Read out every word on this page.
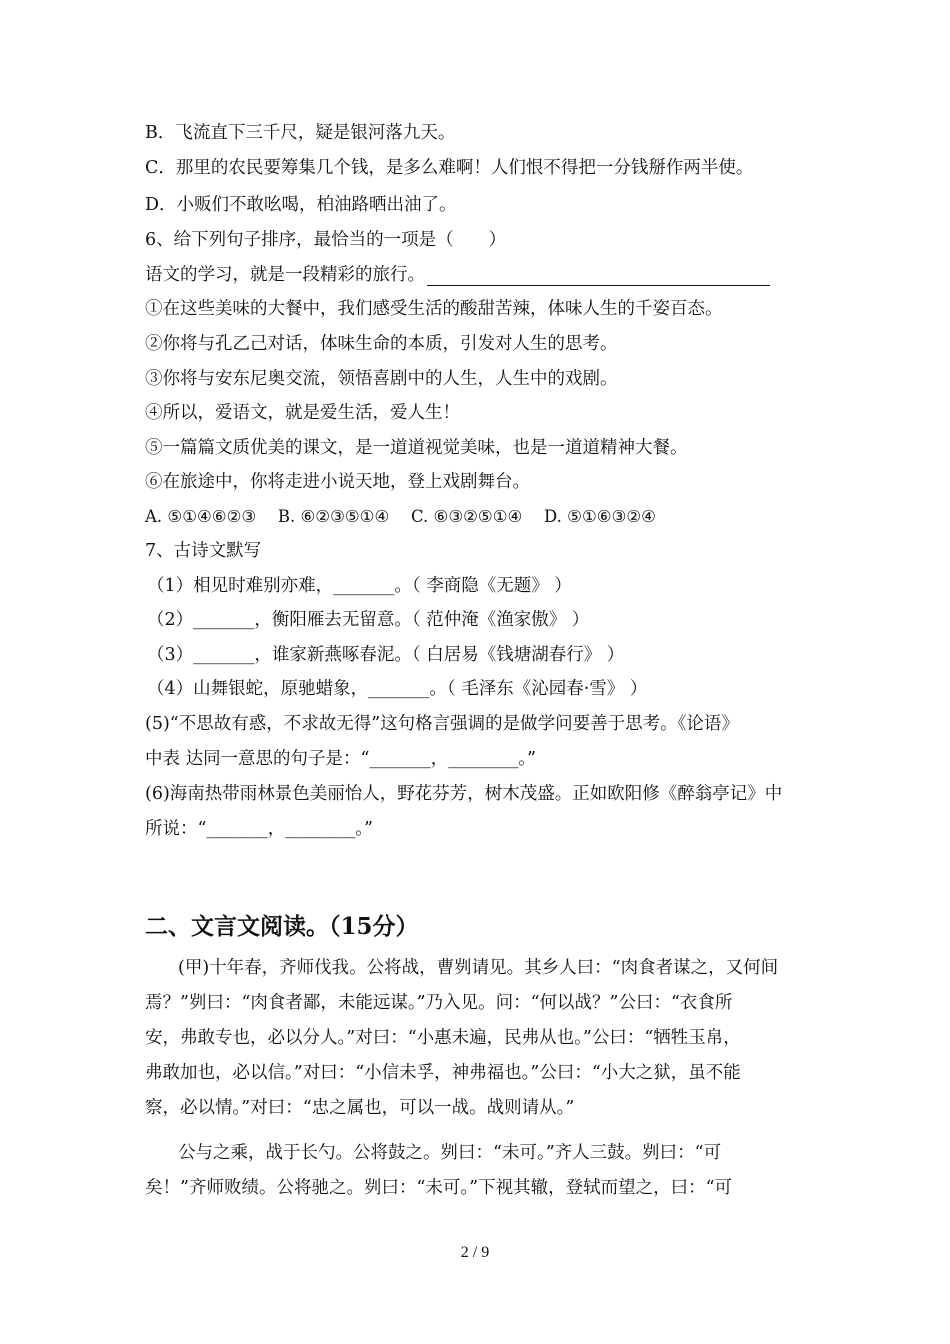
B．飞流直下三千尺，疑是银河落九天。
C．那里的农民要筹集几个钱，是多么难啊！人们恨不得把一分钱掰作两半使。
D．小贩们不敢吆喝，柏油路晒出油了。
6、给下列句子排序，最恰当的一项是（　　）
语文的学习，就是一段精彩的旅行。
①在这些美味的大餐中，我们感受生活的酸甜苦辣，体味人生的千姿百态。
②你将与孔乙己对话，体味生命的本质，引发对人生的思考。
③你将与安东尼奥交流，领悟喜剧中的人生，人生中的戏剧。
④所以，爱语文，就是爱生活，爱人生！
⑤一篇篇文质优美的课文，是一道道视觉美味，也是一道道精神大餐。
⑥在旅途中，你将走进小说天地，登上戏剧舞台。
A. ⑤①④⑥②③　 B. ⑥②③⑤①④　 C. ⑥③②⑤①④　 D. ⑤①⑥③②④
7、古诗文默写
（1）相见时难别亦难，_______。（ 李商隐《无题》 ）
（2）_______，衡阳雁去无留意。（ 范仲淹《渔家傲》 ）
（3）_______，谁家新燕啄春泥。（ 白居易《钱塘湖春行》 ）
（4）山舞银蛇，原驰蜡象，_______。（ 毛泽东《沁园春·雪》 ）
(5)“不思故有惑，不求故无得”这句格言强调的是做学问要善于思考。《论语》
中表 达同一意思的句子是：“_______，________。”
(6)海南热带雨林景色美丽怡人，野花芬芳，树木茂盛。正如欧阳修《醉翁亭记》中
所说：“_______，________。”
二、文言文阅读。（15分）
(甲)十年春，齐师伐我。公将战，曹刿请见。其乡人曰：“肉食者谋之，又何间
焉？”刿曰：“肉食者鄙，未能远谋。”乃入见。问：“何以战？”公曰：“衣食所
安，弗敢专也，必以分人。”对曰：“小惠未遍，民弗从也。”公曰：“牺牲玉帛，
弗敢加也，必以信。”对曰：“小信未孚，神弗福也。”公曰：“小大之狱，虽不能
察，必以情。”对曰：“忠之属也，可以一战。战则请从。”
公与之乘，战于长勺。公将鼓之。刿曰：“未可。”齐人三鼓。刿曰：“可
矣！”齐师败绩。公将驰之。刿曰：“未可。”下视其辙，登轼而望之，曰：“可
2 / 9
